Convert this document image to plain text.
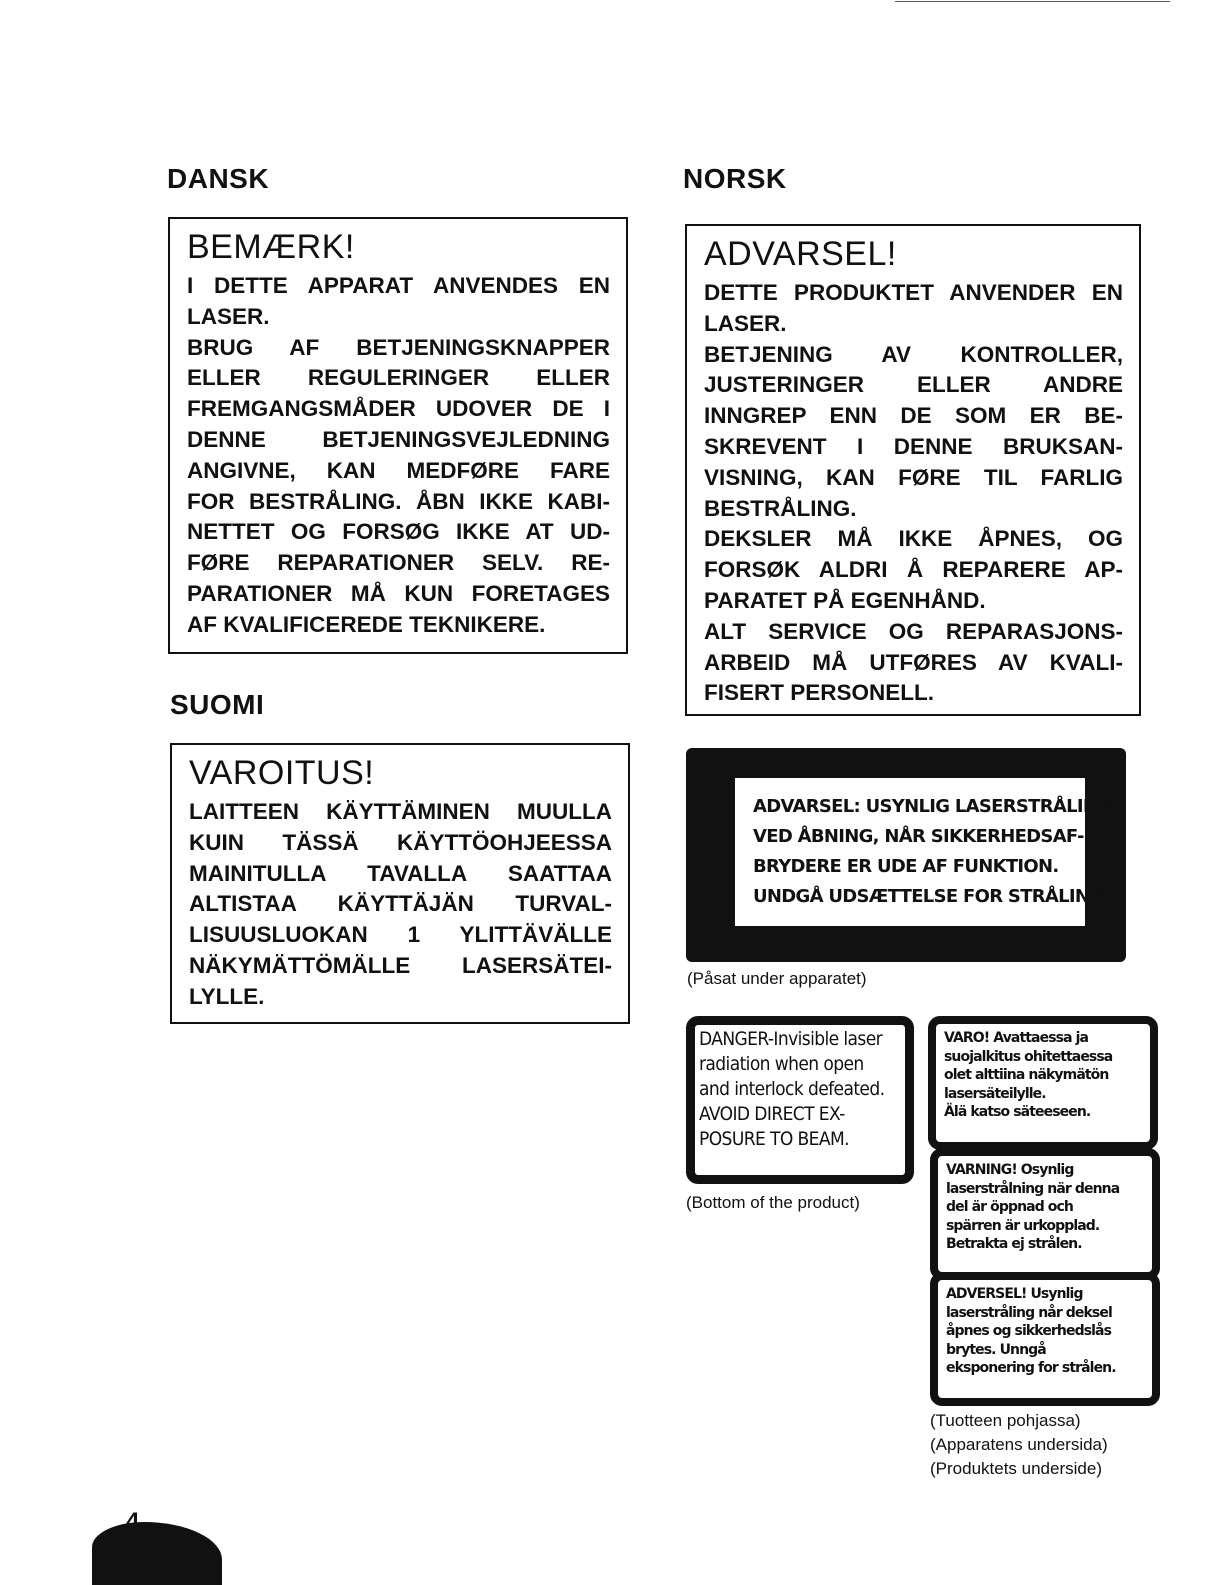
DANSK	NORSK
SUOMI
BEMÆRK!
I DETTE APPARAT ANVENDES EN
LASER.
BRUG AF BETJENINGSKNAPPER
ELLER REGULERINGER ELLER
FREMGANGSMÅDER UDOVER DE I
DENNE BETJENINGSVEJLEDNING
ANGIVNE, KAN MEDFØRE FARE
FOR BESTRÅLING. ÅBN IKKE KABI-
NETTET OG FORSØG IKKE AT UD-
FØRE REPARATIONER SELV. RE-
PARATIONER MÅ KUN FORETAGES
AF KVALIFICEREDE TEKNIKERE.
ADVARSEL!
DETTE PRODUKTET ANVENDER EN
LASER.
BETJENING AV KONTROLLER,
JUSTERINGER ELLER ANDRE
INNGREP ENN DE SOM ER BE-
SKREVENT I DENNE BRUKSAN-
VISNING, KAN FØRE TIL FARLIG
BESTRÅLING.
DEKSLER MÅ IKKE ÅPNES, OG
FORSØK ALDRI Å REPARERE AP-
PARATET PÅ EGENHÅND.
ALT SERVICE OG REPARASJONS-
ARBEID MÅ UTFØRES AV KVALI-
FISERT PERSONELL.
VAROITUS!
LAITTEEN KÄYTTÄMINEN MUULLA
KUIN TÄSSÄ KÄYTTÖOHJEESSA
MAINITULLA TAVALLA SAATTAA
ALTISTAA KÄYTTÄJÄN TURVAL-
LISUUSLUOKAN 1 YLITTÄVÄLLE
NÄKYMÄTTÖMÄLLE LASERSÄTEI-
LYLLE.
ADVARSEL: USYNLIG LASERSTRÅLING
VED ÅBNING, NÅR SIKKERHEDSAF-
BRYDERE ER UDE AF FUNKTION.
UNDGÅ UDSÆTTELSE FOR STRÅLING.
(Påsat under apparatet)
DANGER-Invisible laser
radiation when open
and interlock defeated.
AVOID DIRECT EX-
POSURE TO BEAM.
(Bottom of the product)
VARO! Avattaessa ja
suojalkitus ohitettaessa
olet alttiina näkymätön
lasersäteilylle.
Älä katso säteeseen.
VARNING! Osynlig
laserstrålning när denna
del är öppnad och
spärren är urkopplad.
Betrakta ej strålen.
ADVERSEL! Usynlig
laserstråling når deksel
åpnes og sikkerhedslås
brytes. Unngå
eksponering for strålen.
(Tuotteen pohjassa)
(Apparatens undersida)
(Produktets underside)
4
